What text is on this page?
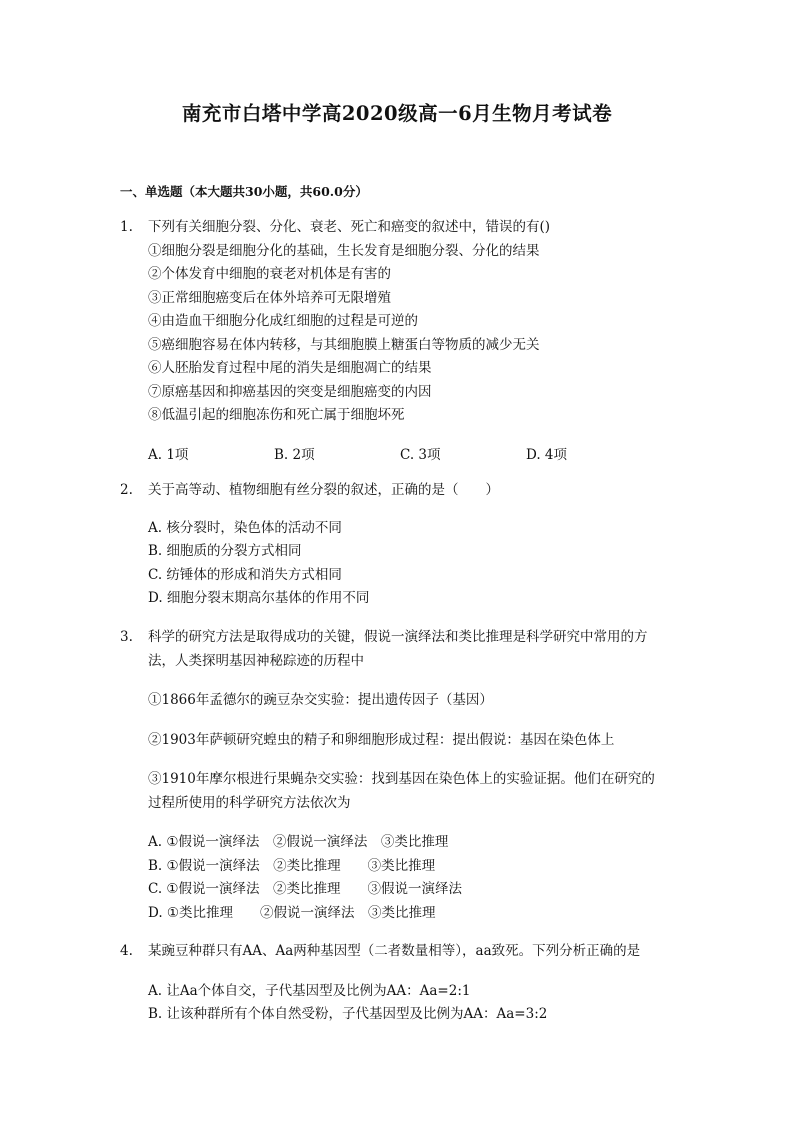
南充市白塔中学高2020级高一6月生物月考试卷
一、单选题（本大题共30小题，共60.0分）
1. 下列有关细胞分裂、分化、衰老、死亡和癌变的叙述中，错误的有()
①细胞分裂是细胞分化的基础，生长发育是细胞分裂、分化的结果
②个体发育中细胞的衰老对机体是有害的
③正常细胞癌变后在体外培养可无限增殖
④由造血干细胞分化成红细胞的过程是可逆的
⑤癌细胞容易在体内转移，与其细胞膜上糖蛋白等物质的减少无关
⑥人胚胎发育过程中尾的消失是细胞凋亡的结果
⑦原癌基因和抑癌基因的突变是细胞癌变的内因
⑧低温引起的细胞冻伤和死亡属于细胞坏死
A. 1项	B. 2项	C. 3项	D. 4项
2. 关于高等动、植物细胞有丝分裂的叙述，正确的是（　　）
A. 核分裂时，染色体的活动不同
B. 细胞质的分裂方式相同
C. 纺锤体的形成和消失方式相同
D. 细胞分裂末期高尔基体的作用不同
3. 科学的研究方法是取得成功的关键，假说一演绎法和类比推理是科学研究中常用的方
法，人类探明基因神秘踪迹的历程中
①1866年孟德尔的豌豆杂交实验：提出遗传因子（基因）
②1903年萨顿研究蝗虫的精子和卵细胞形成过程：提出假说：基因在染色体上
③1910年摩尔根进行果蝇杂交实验：找到基因在染色体上的实验证据。他们在研究的
过程所使用的科学研究方法依次为
A. ①假说一演绎法　②假说一演绎法　③类比推理
B. ①假说一演绎法　②类比推理　　③类比推理
C. ①假说一演绎法　②类比推理　　③假说一演绎法
D. ①类比推理　　②假说一演绎法　③类比推理
4. 某豌豆种群只有AA、Aa两种基因型（二者数量相等），aa致死。下列分析正确的是
A. 让Aa个体自交，子代基因型及比例为AA：Aa=2:1
B. 让该种群所有个体自然受粉，子代基因型及比例为AA：Aa=3:2
